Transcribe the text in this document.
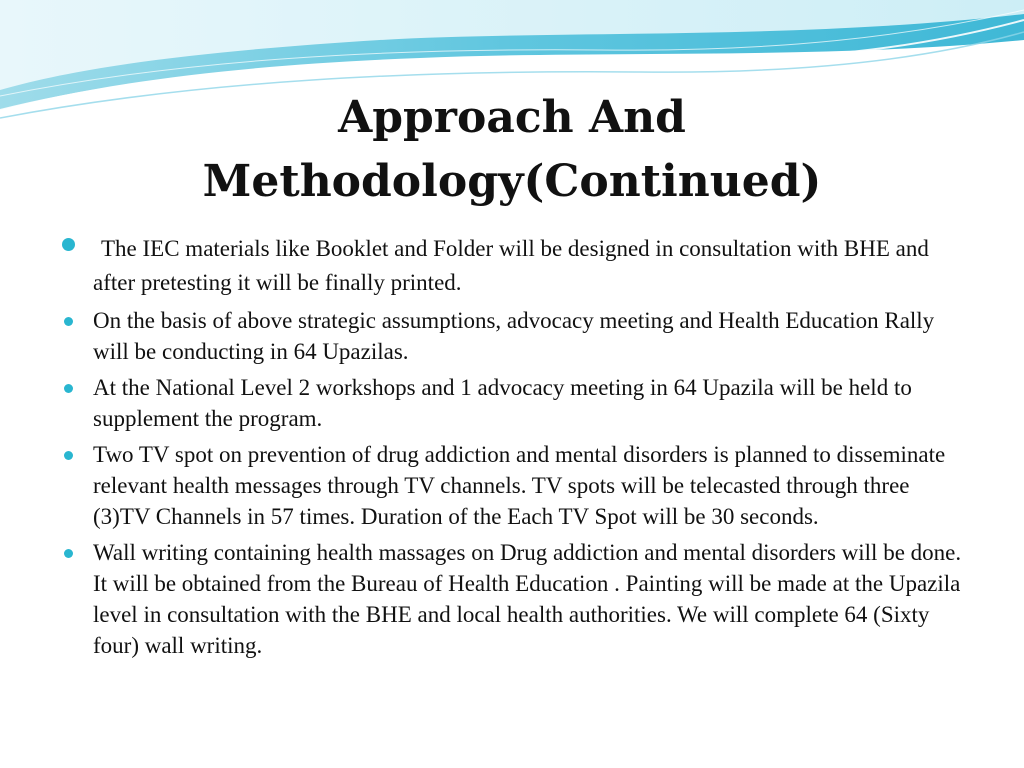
Approach And
Methodology(Continued)
The IEC materials like Booklet and Folder will be designed in consultation with BHE and after pretesting it will be finally printed.
On the basis of above strategic assumptions, advocacy meeting and Health Education Rally will be conducting in 64 Upazilas.
At the National Level 2 workshops and 1 advocacy meeting in 64 Upazila will be held to supplement the program.
Two TV spot on prevention of drug addiction and mental disorders is planned to disseminate relevant health messages through TV channels. TV spots will be telecasted through three (3)TV Channels in 57 times. Duration of the Each TV Spot will be 30 seconds.
Wall writing containing health massages on Drug addiction and mental disorders will be done. It will be obtained from the Bureau of Health Education . Painting will be made at the Upazila level in consultation with the BHE and local health authorities. We will complete 64 (Sixty four) wall writing.
